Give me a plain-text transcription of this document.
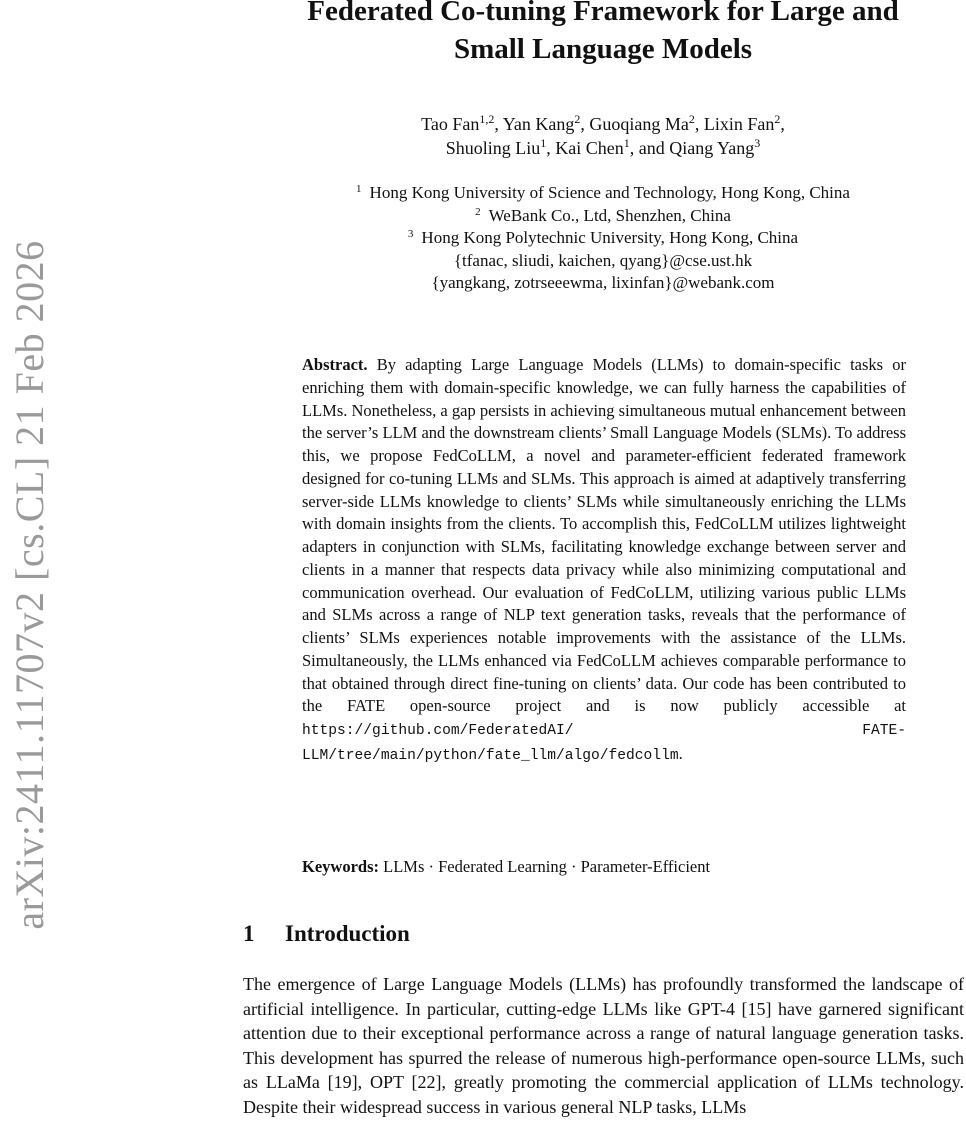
arXiv:2411.11707v2 [cs.CL] 21 Feb 2026
Federated Co-tuning Framework for Large and
Small Language Models
Tao Fan$^{1,2}$, Yan Kang$^2$, Guoqiang Ma$^2$, Lixin Fan$^2$,
Shuoling Liu$^1$, Kai Chen$^1$, and Qiang Yang$^3$
$^1$ Hong Kong University of Science and Technology, Hong Kong, China
$^2$ WeBank Co., Ltd, Shenzhen, China
$^3$ Hong Kong Polytechnic University, Hong Kong, China
{tfanac, sliudi, kaichen, qyang}@cse.ust.hk
{yangkang, zotrseeewma, lixinfan}@webank.com
Abstract. By adapting Large Language Models (LLMs) to domain-specific tasks or enriching them with domain-specific knowledge, we can fully harness the capabilities of LLMs. Nonetheless, a gap persists in achieving simultaneous mutual enhancement between the server’s LLM and the downstream clients’ Small Language Models (SLMs). To address this, we propose FedCoLLM, a novel and parameter-efficient federated framework designed for co-tuning LLMs and SLMs. This approach is aimed at adaptively transferring server-side LLMs knowledge to clients’ SLMs while simultaneously enriching the LLMs with domain insights from the clients. To accomplish this, FedCoLLM utilizes lightweight adapters in conjunction with SLMs, facilitating knowledge exchange between server and clients in a manner that respects data privacy while also minimizing computational and communication overhead. Our evaluation of FedCoLLM, utilizing various public LLMs and SLMs across a range of NLP text generation tasks, reveals that the performance of clients’ SLMs experiences notable improvements with the assistance of the LLMs. Simultaneously, the LLMs enhanced via FedCoLLM achieves comparable performance to that obtained through direct fine-tuning on clients’ data. Our code has been contributed to the FATE open-source project and is now publicly accessible at https://github.com/FederatedAI/ FATE-LLM/tree/main/python/fate_llm/algo/fedcollm.
Keywords: LLMs · Federated Learning · Parameter-Efficient
1 Introduction

The emergence of Large Language Models (LLMs) has profoundly transformed the landscape of artificial intelligence. In particular, cutting-edge LLMs like GPT-4 [15] have garnered significant attention due to their exceptional performance across a range of natural language generation tasks. This development has spurred the release of numerous high-performance open-source LLMs, such as LLaMa [19], OPT [22], greatly promoting the commercial application of LLMs technology. Despite their widespread success in various general NLP tasks, LLMs
